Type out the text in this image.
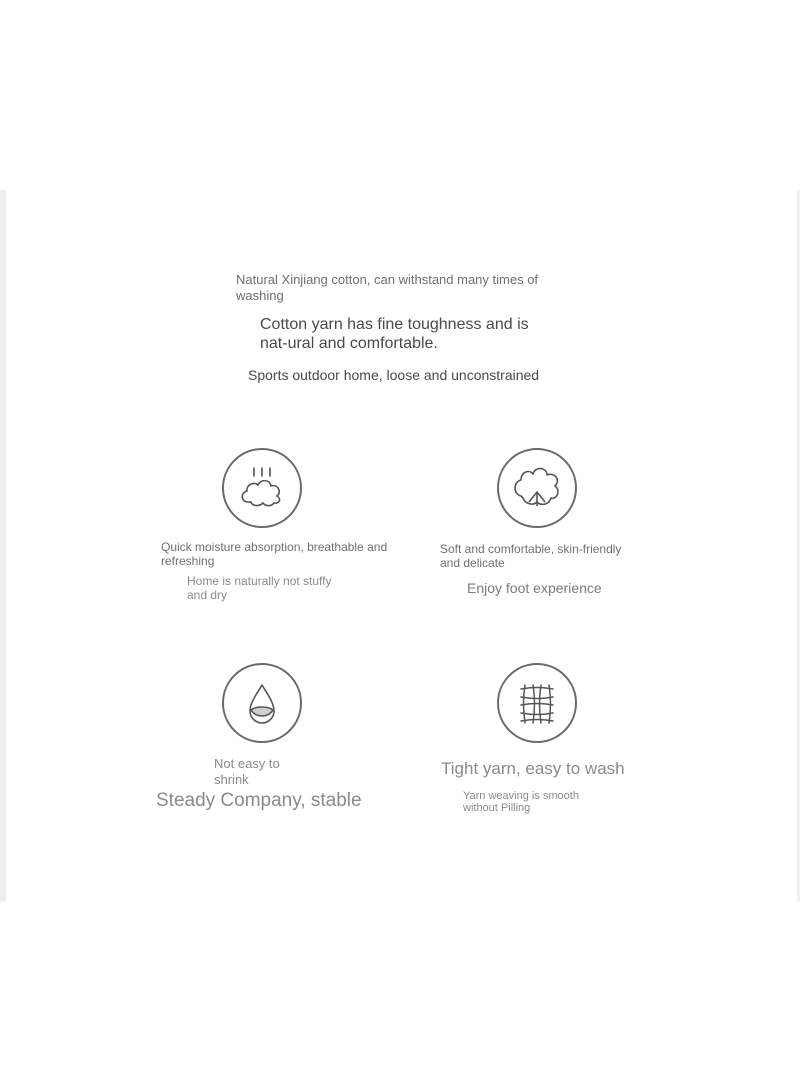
Natural Xinjiang cotton, can withstand many times of washing
Cotton yarn has fine toughness and is nat-ural and comfortable.
Sports outdoor home, loose and unconstrained
Quick moisture absorption, breathable and refreshing
Home is naturally not stuffy and dry
Soft and comfortable, skin-friendly and delicate
Enjoy foot experience
Not easy to shrink
Steady Company, stable
Tight yarn, easy to wash
Yarn weaving is smooth without Pilling
